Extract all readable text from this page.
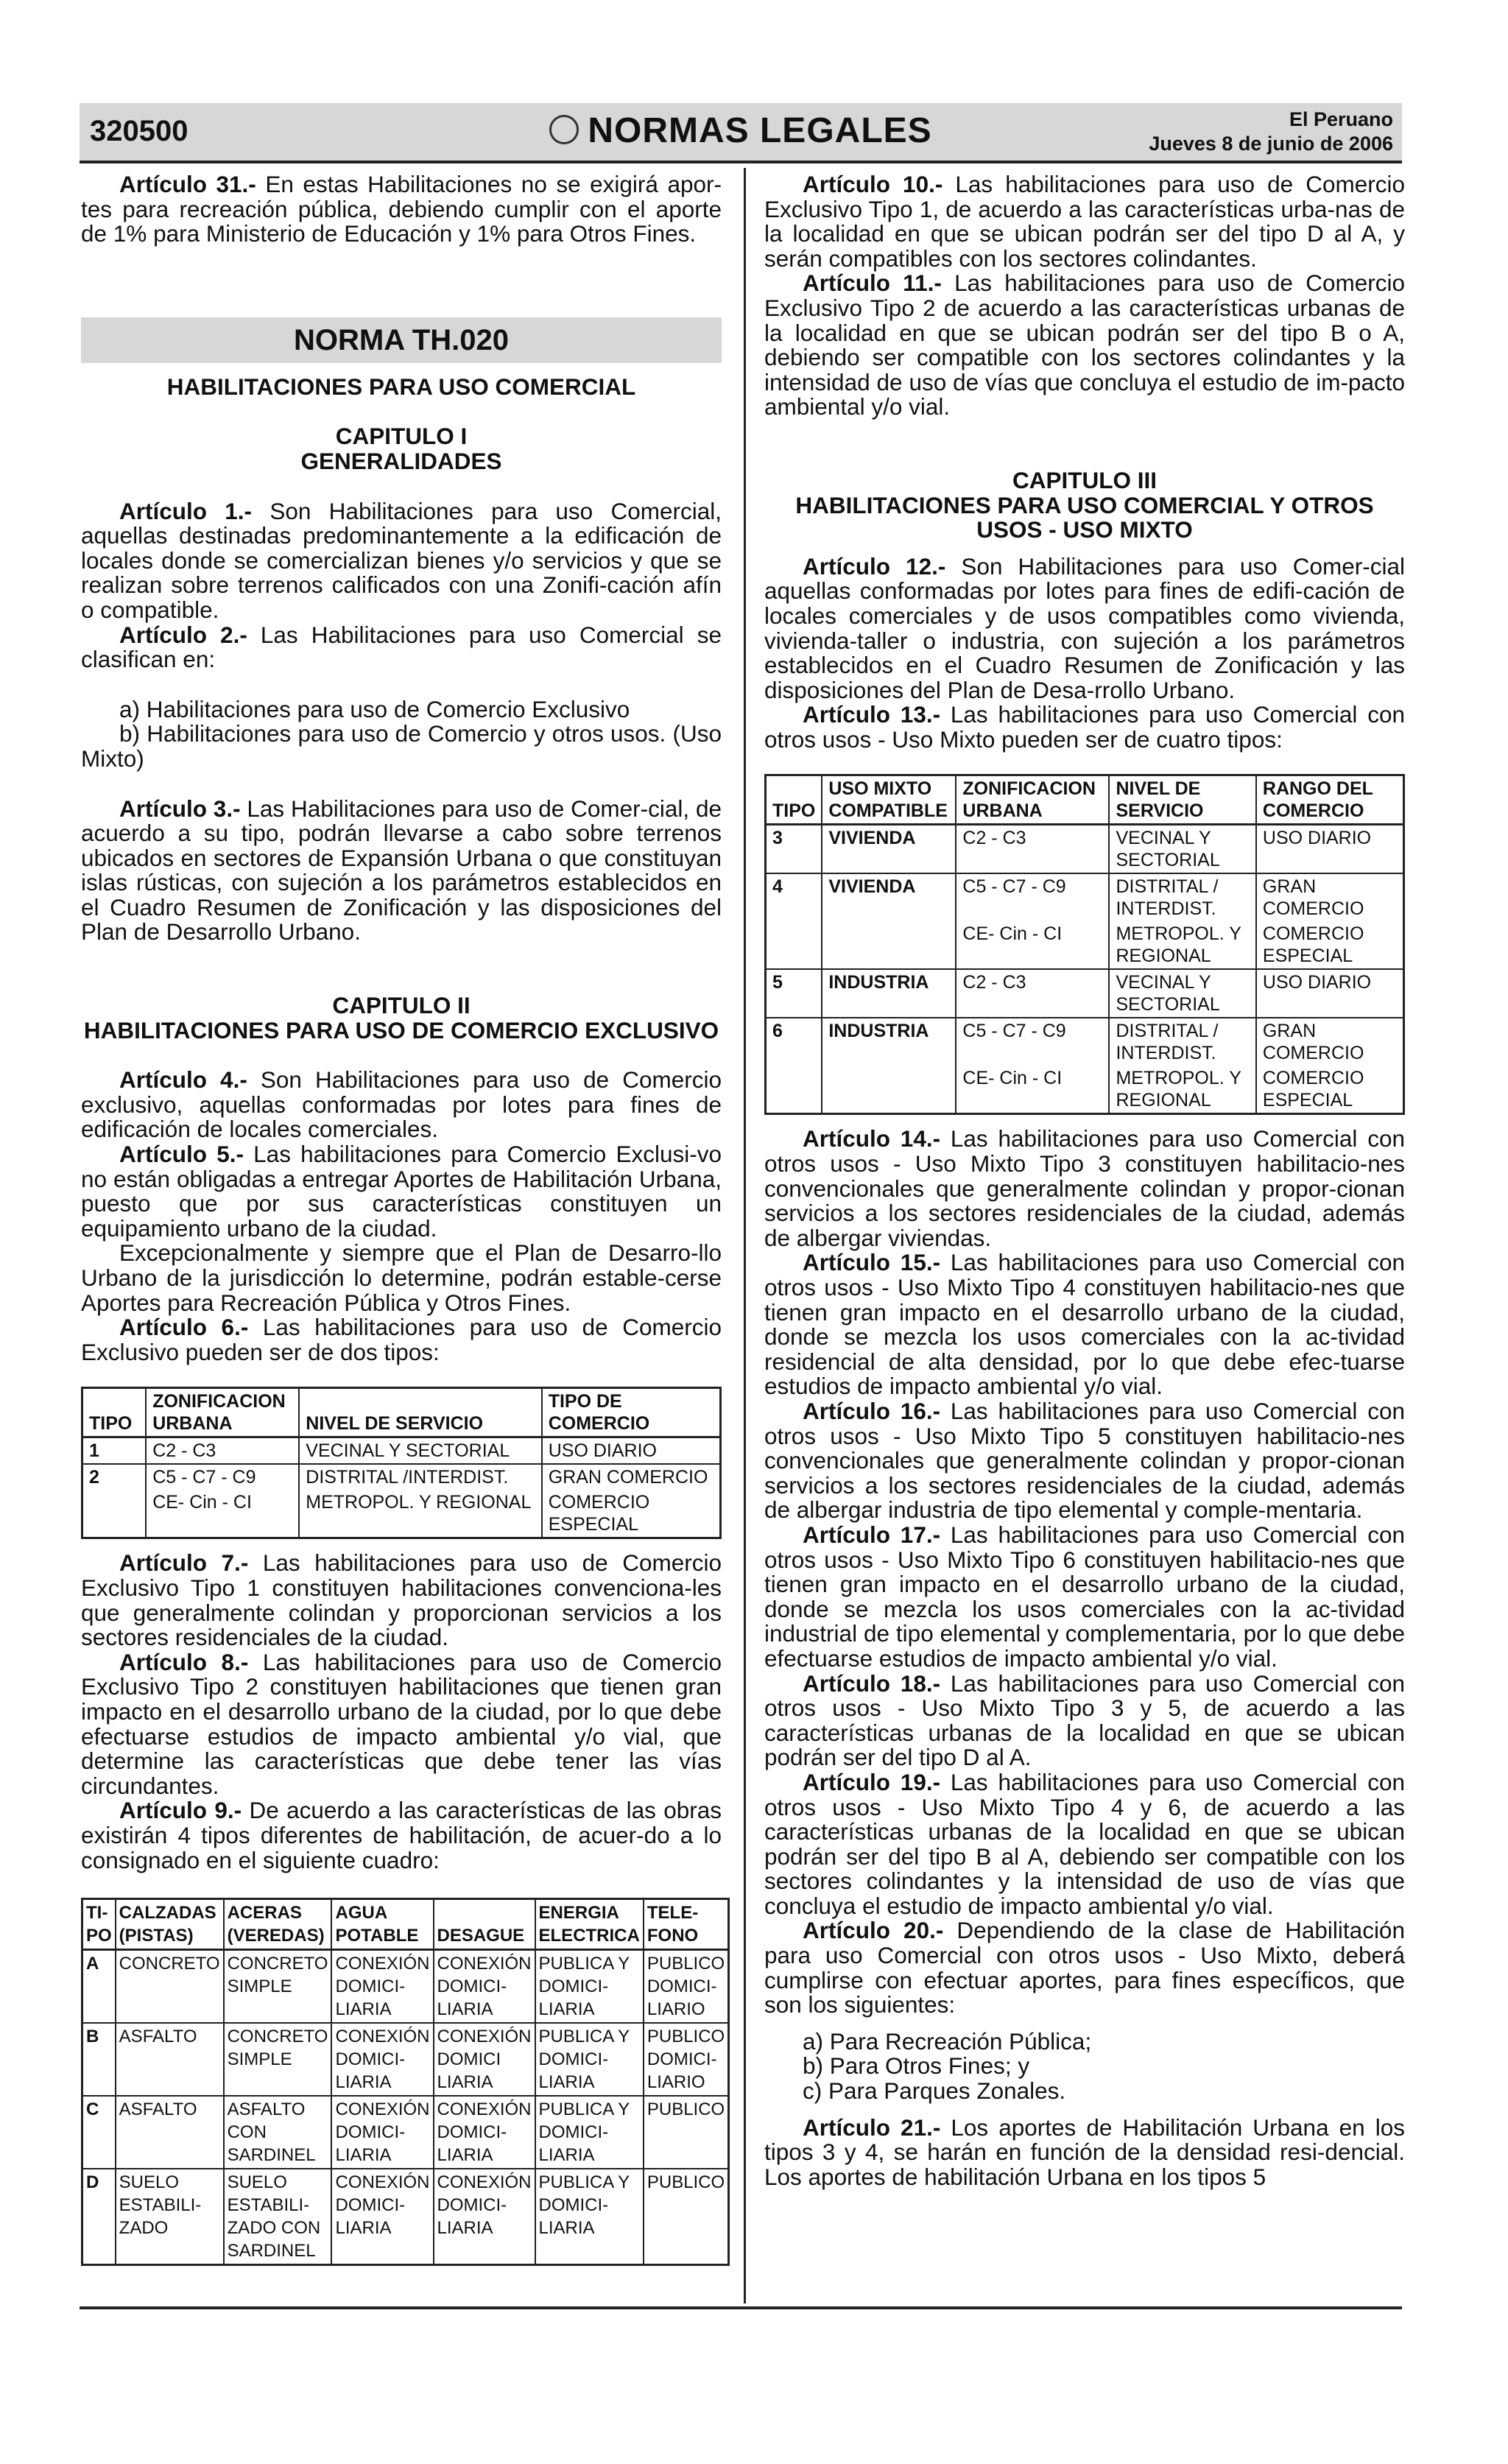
320500	NORMAS LEGALES	El Peruano
Jueves 8 de junio de 2006

Artículo 31.- En estas Habilitaciones no se exigirá apor-tes para recreación pública, debiendo cumplir con el aporte de 1% para Ministerio de Educación y 1% para Otros Fines.

NORMA TH.020

HABILITACIONES PARA USO COMERCIAL

CAPITULO I

GENERALIDADES

Artículo 1.- Son Habilitaciones para uso Comercial, aquellas destinadas predominantemente a la edificación de locales donde se comercializan bienes y/o servicios y que se realizan sobre terrenos calificados con una Zonifi-cación afín o compatible.

Artículo 2.- Las Habilitaciones para uso Comercial se clasifican en:

a) Habilitaciones para uso de Comercio Exclusivo

b) Habilitaciones para uso de Comercio y otros usos. (Uso Mixto)

Artículo 3.- Las Habilitaciones para uso de Comer-cial, de acuerdo a su tipo, podrán llevarse a cabo sobre terrenos ubicados en sectores de Expansión Urbana o que constituyan islas rústicas, con sujeción a los parámetros establecidos en el Cuadro Resumen de Zonificación y las disposiciones del Plan de Desarrollo Urbano.

CAPITULO II

HABILITACIONES PARA USO DE COMERCIO EXCLUSIVO

Artículo 4.- Son Habilitaciones para uso de Comercio exclusivo, aquellas conformadas por lotes para fines de edificación de locales comerciales.

Artículo 5.- Las habilitaciones para Comercio Exclusi-vo no están obligadas a entregar Aportes de Habilitación Urbana, puesto que por sus características constituyen un equipamiento urbano de la ciudad.

Excepcionalmente y siempre que el Plan de Desarro-llo Urbano de la jurisdicción lo determine, podrán estable-cerse Aportes para Recreación Pública y Otros Fines.

Artículo 6.- Las habilitaciones para uso de Comercio Exclusivo pueden ser de dos tipos:

TIPO	ZONIFICACION URBANA	NIVEL DE SERVICIO	TIPO DE COMERCIO
1	C2 - C3	VECINAL Y SECTORIAL	USO DIARIO
2	C5 - C7 - C9	DISTRITAL /INTERDIST.	GRAN COMERCIO
	CE- Cin - CI	METROPOL. Y REGIONAL	COMERCIO ESPECIAL

Artículo 7.- Las habilitaciones para uso de Comercio Exclusivo Tipo 1 constituyen habilitaciones convenciona-les que generalmente colindan y proporcionan servicios a los sectores residenciales de la ciudad.

Artículo 8.- Las habilitaciones para uso de Comercio Exclusivo Tipo 2 constituyen habilitaciones que tienen gran impacto en el desarrollo urbano de la ciudad, por lo que debe efectuarse estudios de impacto ambiental y/o vial, que determine las características que debe tener las vías circundantes.

Artículo 9.- De acuerdo a las características de las obras existirán 4 tipos diferentes de habilitación, de acuer-do a lo consignado en el siguiente cuadro:

TI-PO	CALZADAS (PISTAS)	ACERAS (VEREDAS)	AGUA POTABLE	DESAGUE	ENERGIA ELECTRICA	TELE-FONO
A	CONCRETO	CONCRETO SIMPLE	CONEXIÓN DOMICI-LIARIA	CONEXIÓN DOMICI-LIARIA	PUBLICA Y DOMICI-LIARIA	PUBLICO DOMICI-LIARIO
B	ASFALTO	CONCRETO SIMPLE	CONEXIÓN DOMICI-LIARIA	CONEXIÓN DOMICI LIARIA	PUBLICA Y DOMICI-LIARIA	PUBLICO DOMICI-LIARIO
C	ASFALTO	ASFALTO CON SARDINEL	CONEXIÓN DOMICI-LIARIA	CONEXIÓN DOMICI-LIARIA	PUBLICA Y DOMICI-LIARIA	PUBLICO
D	SUELO ESTABILI-ZADO	SUELO ESTABILI-ZADO CON SARDINEL	CONEXIÓN DOMICI-LIARIA	CONEXIÓN DOMICI-LIARIA	PUBLICA Y DOMICI-LIARIA	PUBLICO

Artículo 10.- Las habilitaciones para uso de Comercio Exclusivo Tipo 1, de acuerdo a las características urba-nas de la localidad en que se ubican podrán ser del tipo D al A, y serán compatibles con los sectores colindantes.

Artículo 11.- Las habilitaciones para uso de Comercio Exclusivo Tipo 2 de acuerdo a las características urbanas de la localidad en que se ubican podrán ser del tipo B o A, debiendo ser compatible con los sectores colindantes y la intensidad de uso de vías que concluya el estudio de im-pacto ambiental y/o vial.

CAPITULO III

HABILITACIONES PARA USO COMERCIAL Y OTROS USOS - USO MIXTO

Artículo 12.- Son Habilitaciones para uso Comer-cial aquellas conformadas por lotes para fines de edifi-cación de locales comerciales y de usos compatibles como vivienda, vivienda-taller o industria, con sujeción a los parámetros establecidos en el Cuadro Resumen de Zonificación y las disposiciones del Plan de Desa-rrollo Urbano.

Artículo 13.- Las habilitaciones para uso Comercial con otros usos - Uso Mixto pueden ser de cuatro tipos:

TIPO	USO MIXTO COMPATIBLE	ZONIFICACION URBANA	NIVEL DE SERVICIO	RANGO DEL COMERCIO
3	VIVIENDA	C2 - C3	VECINAL Y SECTORIAL	USO DIARIO
4	VIVIENDA	C5 - C7 - C9	DISTRITAL / INTERDIST.	GRAN COMERCIO
		CE- Cin - CI	METROPOL. Y REGIONAL	COMERCIO ESPECIAL
5	INDUSTRIA	C2 - C3	VECINAL Y SECTORIAL	USO DIARIO
6	INDUSTRIA	C5 - C7 - C9	DISTRITAL / INTERDIST.	GRAN COMERCIO
		CE- Cin - CI	METROPOL. Y REGIONAL	COMERCIO ESPECIAL

Artículo 14.- Las habilitaciones para uso Comercial con otros usos - Uso Mixto Tipo 3 constituyen habilitacio-nes convencionales que generalmente colindan y propor-cionan servicios a los sectores residenciales de la ciudad, además de albergar viviendas.

Artículo 15.- Las habilitaciones para uso Comercial con otros usos - Uso Mixto Tipo 4 constituyen habilitacio-nes que tienen gran impacto en el desarrollo urbano de la ciudad, donde se mezcla los usos comerciales con la ac-tividad residencial de alta densidad, por lo que debe efec-tuarse estudios de impacto ambiental y/o vial.

Artículo 16.- Las habilitaciones para uso Comercial con otros usos - Uso Mixto Tipo 5 constituyen habilitacio-nes convencionales que generalmente colindan y propor-cionan servicios a los sectores residenciales de la ciudad, además de albergar industria de tipo elemental y comple-mentaria.

Artículo 17.- Las habilitaciones para uso Comercial con otros usos - Uso Mixto Tipo 6 constituyen habilitacio-nes que tienen gran impacto en el desarrollo urbano de la ciudad, donde se mezcla los usos comerciales con la ac-tividad industrial de tipo elemental y complementaria, por lo que debe efectuarse estudios de impacto ambiental y/o vial.

Artículo 18.- Las habilitaciones para uso Comercial con otros usos - Uso Mixto Tipo 3 y 5, de acuerdo a las características urbanas de la localidad en que se ubican podrán ser del tipo D al A.

Artículo 19.- Las habilitaciones para uso Comercial con otros usos - Uso Mixto Tipo 4 y 6, de acuerdo a las características urbanas de la localidad en que se ubican podrán ser del tipo B al A, debiendo ser compatible con los sectores colindantes y la intensidad de uso de vías que concluya el estudio de impacto ambiental y/o vial.

Artículo 20.- Dependiendo de la clase de Habilitación para uso Comercial con otros usos - Uso Mixto, deberá cumplirse con efectuar aportes, para fines específicos, que son los siguientes:

a) Para Recreación Pública;

b) Para Otros Fines; y

c) Para Parques Zonales.

Artículo 21.- Los aportes de Habilitación Urbana en los tipos 3 y 4, se harán en función de la densidad resi-dencial. Los aportes de habilitación Urbana en los tipos 5
